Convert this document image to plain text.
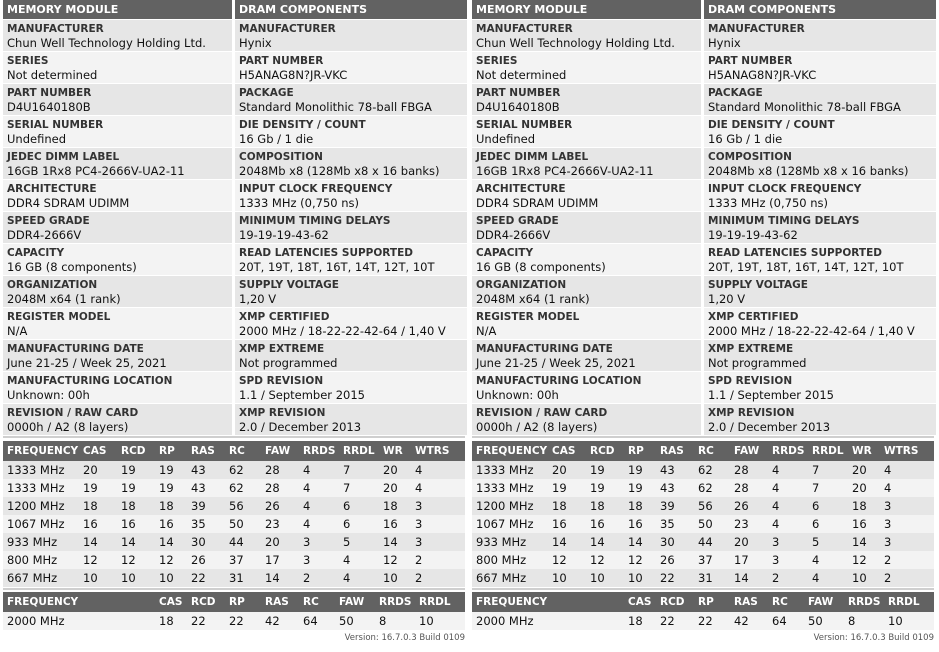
MEMORY MODULE
MANUFACTURER
Chun Well Technology Holding Ltd.
SERIES
Not determined
PART NUMBER
D4U1640180B
SERIAL NUMBER
Undefined
JEDEC DIMM LABEL
16GB 1Rx8 PC4-2666V-UA2-11
ARCHITECTURE
DDR4 SDRAM UDIMM
SPEED GRADE
DDR4-2666V
CAPACITY
16 GB (8 components)
ORGANIZATION
2048M x64 (1 rank)
REGISTER MODEL
N/A
MANUFACTURING DATE
June 21-25 / Week 25, 2021
MANUFACTURING LOCATION
Unknown: 00h
REVISION / RAW CARD
0000h / A2 (8 layers)
DRAM COMPONENTS
MANUFACTURER
Hynix
PART NUMBER
H5ANAG8N?JR-VKC
PACKAGE
Standard Monolithic 78-ball FBGA
DIE DENSITY / COUNT
16 Gb / 1 die
COMPOSITION
2048Mb x8 (128Mb x8 x 16 banks)
INPUT CLOCK FREQUENCY
1333 MHz (0,750 ns)
MINIMUM TIMING DELAYS
19-19-19-43-62
READ LATENCIES SUPPORTED
20T, 19T, 18T, 16T, 14T, 12T, 10T
SUPPLY VOLTAGE
1,20 V
XMP CERTIFIED
2000 MHz / 18-22-22-42-64 / 1,40 V
XMP EXTREME
Not programmed
SPD REVISION
1.1 / September 2015
XMP REVISION
2.0 / December 2013
FREQUENCY	CAS	RCD	RP	RAS	RC	FAW	RRDS	RRDL	WR	WTRS
1333 MHz	20	19	19	43	62	28	4	7	20	4
1333 MHz	19	19	19	43	62	28	4	7	20	4
1200 MHz	18	18	18	39	56	26	4	6	18	3
1067 MHz	16	16	16	35	50	23	4	6	16	3
933 MHz	14	14	14	30	44	20	3	5	14	3
800 MHz	12	12	12	26	37	17	3	4	12	2
667 MHz	10	10	10	22	31	14	2	4	10	2
FREQUENCY		CAS	RCD	RP	RAS	RC	FAW	RRDS	RRDL
2000 MHz		18	22	22	42	64	50	8	10
Version: 16.7.0.3 Build 0109
MEMORY MODULE
MANUFACTURER
Chun Well Technology Holding Ltd.
SERIES
Not determined
PART NUMBER
D4U1640180B
SERIAL NUMBER
Undefined
JEDEC DIMM LABEL
16GB 1Rx8 PC4-2666V-UA2-11
ARCHITECTURE
DDR4 SDRAM UDIMM
SPEED GRADE
DDR4-2666V
CAPACITY
16 GB (8 components)
ORGANIZATION
2048M x64 (1 rank)
REGISTER MODEL
N/A
MANUFACTURING DATE
June 21-25 / Week 25, 2021
MANUFACTURING LOCATION
Unknown: 00h
REVISION / RAW CARD
0000h / A2 (8 layers)
DRAM COMPONENTS
MANUFACTURER
Hynix
PART NUMBER
H5ANAG8N?JR-VKC
PACKAGE
Standard Monolithic 78-ball FBGA
DIE DENSITY / COUNT
16 Gb / 1 die
COMPOSITION
2048Mb x8 (128Mb x8 x 16 banks)
INPUT CLOCK FREQUENCY
1333 MHz (0,750 ns)
MINIMUM TIMING DELAYS
19-19-19-43-62
READ LATENCIES SUPPORTED
20T, 19T, 18T, 16T, 14T, 12T, 10T
SUPPLY VOLTAGE
1,20 V
XMP CERTIFIED
2000 MHz / 18-22-22-42-64 / 1,40 V
XMP EXTREME
Not programmed
SPD REVISION
1.1 / September 2015
XMP REVISION
2.0 / December 2013
FREQUENCY	CAS	RCD	RP	RAS	RC	FAW	RRDS	RRDL	WR	WTRS
1333 MHz	20	19	19	43	62	28	4	7	20	4
1333 MHz	19	19	19	43	62	28	4	7	20	4
1200 MHz	18	18	18	39	56	26	4	6	18	3
1067 MHz	16	16	16	35	50	23	4	6	16	3
933 MHz	14	14	14	30	44	20	3	5	14	3
800 MHz	12	12	12	26	37	17	3	4	12	2
667 MHz	10	10	10	22	31	14	2	4	10	2
FREQUENCY		CAS	RCD	RP	RAS	RC	FAW	RRDS	RRDL
2000 MHz		18	22	22	42	64	50	8	10
Version: 16.7.0.3 Build 0109
